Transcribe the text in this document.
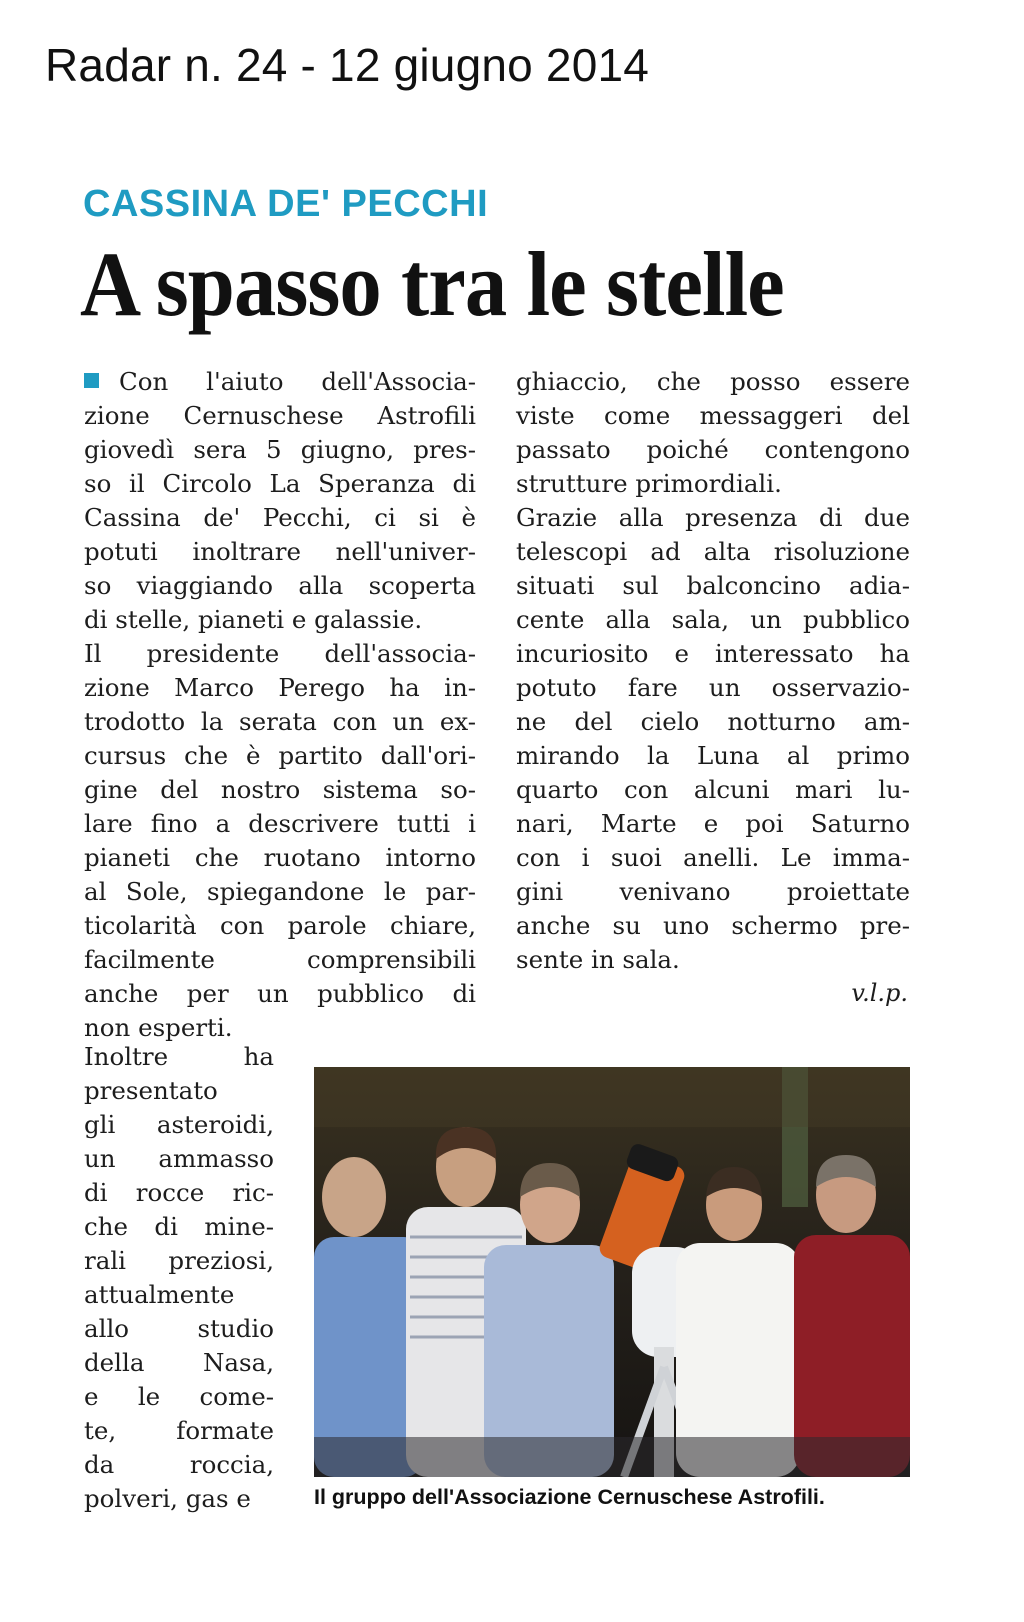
Radar n. 24 - 12 giugno 2014
CASSINA DE' PECCHI
A spasso tra le stelle
Con l'aiuto dell'Associa-
zione Cernuschese Astrofili
giovedì sera 5 giugno, pres-
so il Circolo La Speranza di
Cassina de' Pecchi, ci si è
potuti inoltrare nell'univer-
so viaggiando alla scoperta
di stelle, pianeti e galassie.
Il presidente dell'associa-
zione Marco Perego ha in-
trodotto la serata con un ex-
cursus che è partito dall'ori-
gine del nostro sistema so-
lare fino a descrivere tutti i
pianeti che ruotano intorno
al Sole, spiegandone le par-
ticolarità con parole chiare,
facilmente comprensibili
anche per un pubblico di
non esperti.
ghiaccio, che posso essere
viste come messaggeri del
passato poiché contengono
strutture primordiali.
Grazie alla presenza di due
telescopi ad alta risoluzione
situati sul balconcino adia-
cente alla sala, un pubblico
incuriosito e interessato ha
potuto fare un osservazio-
ne del cielo notturno am-
mirando la Luna al primo
quarto con alcuni mari lu-
nari, Marte e poi Saturno
con i suoi anelli. Le imma-
gini venivano proiettate
anche su uno schermo pre-
sente in sala.
Inoltre ha
presentato
gli asteroidi,
un ammasso
di rocce ric-
che di mine-
rali preziosi,
attualmente
allo studio
della Nasa,
e le come-
te, formate
da roccia,
polveri, gas e
v.l.p.
Il gruppo dell'Associazione Cernuschese Astrofili.
